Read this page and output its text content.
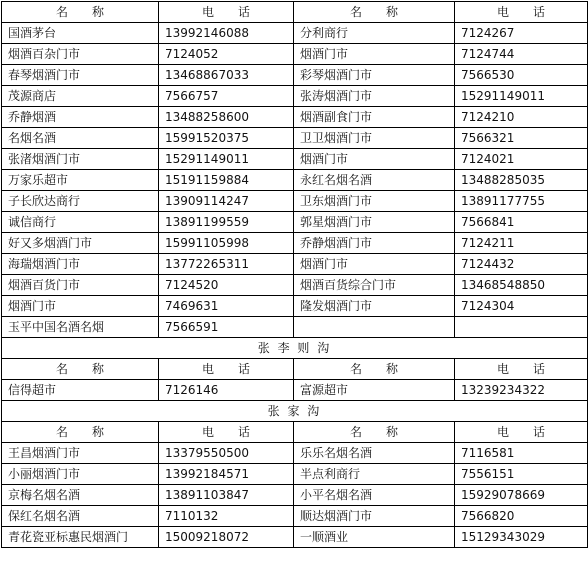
名　　称	电　　话	名　　称	电　　话
国酒茅台	13992146088	分利商行	7124267
烟酒百杂门市	7124052	烟酒门市	7124744
春琴烟酒门市	13468867033	彩琴烟酒门市	7566530
茂源商店	7566757	张涛烟酒门市	15291149011
乔静烟酒	13488258600	烟酒副食门市	7124210
名烟名酒	15991520375	卫卫烟酒门市	7566321
张渚烟酒门市	15291149011	烟酒门市	7124021
万家乐超市	15191159884	永红名烟名酒	13488285035
子长欣达商行	13909114247	卫东烟酒门市	13891177755
诚信商行	13891199559	郭星烟酒门市	7566841
好又多烟酒门市	15991105998	乔静烟酒门市	7124211
海瑞烟酒门市	13772265311	烟酒门市	7124432
烟酒百货门市	7124520	烟酒百货综合门市	13468548850
烟酒门市	7469631	隆发烟酒门市	7124304
玉平中国名酒名烟	7566591		
张 李 则 沟			
名　　称	电　　话	名　　称	电　　话
信得超市	7126146	富源超市	13239234322
张 家 沟			
名　　称	电　　话	名　　称	电　　话
王昌烟酒门市	13379550500	乐乐名烟名酒	7116581
小丽烟酒门市	13992184571	半点利商行	7556151
京梅名烟名酒	13891103847	小平名烟名酒	15929078669
保红名烟名酒	7110132	顺达烟酒门市	7566820
青花瓷亚标惠民烟酒门	15009218072	一顺酒业	15129343029
